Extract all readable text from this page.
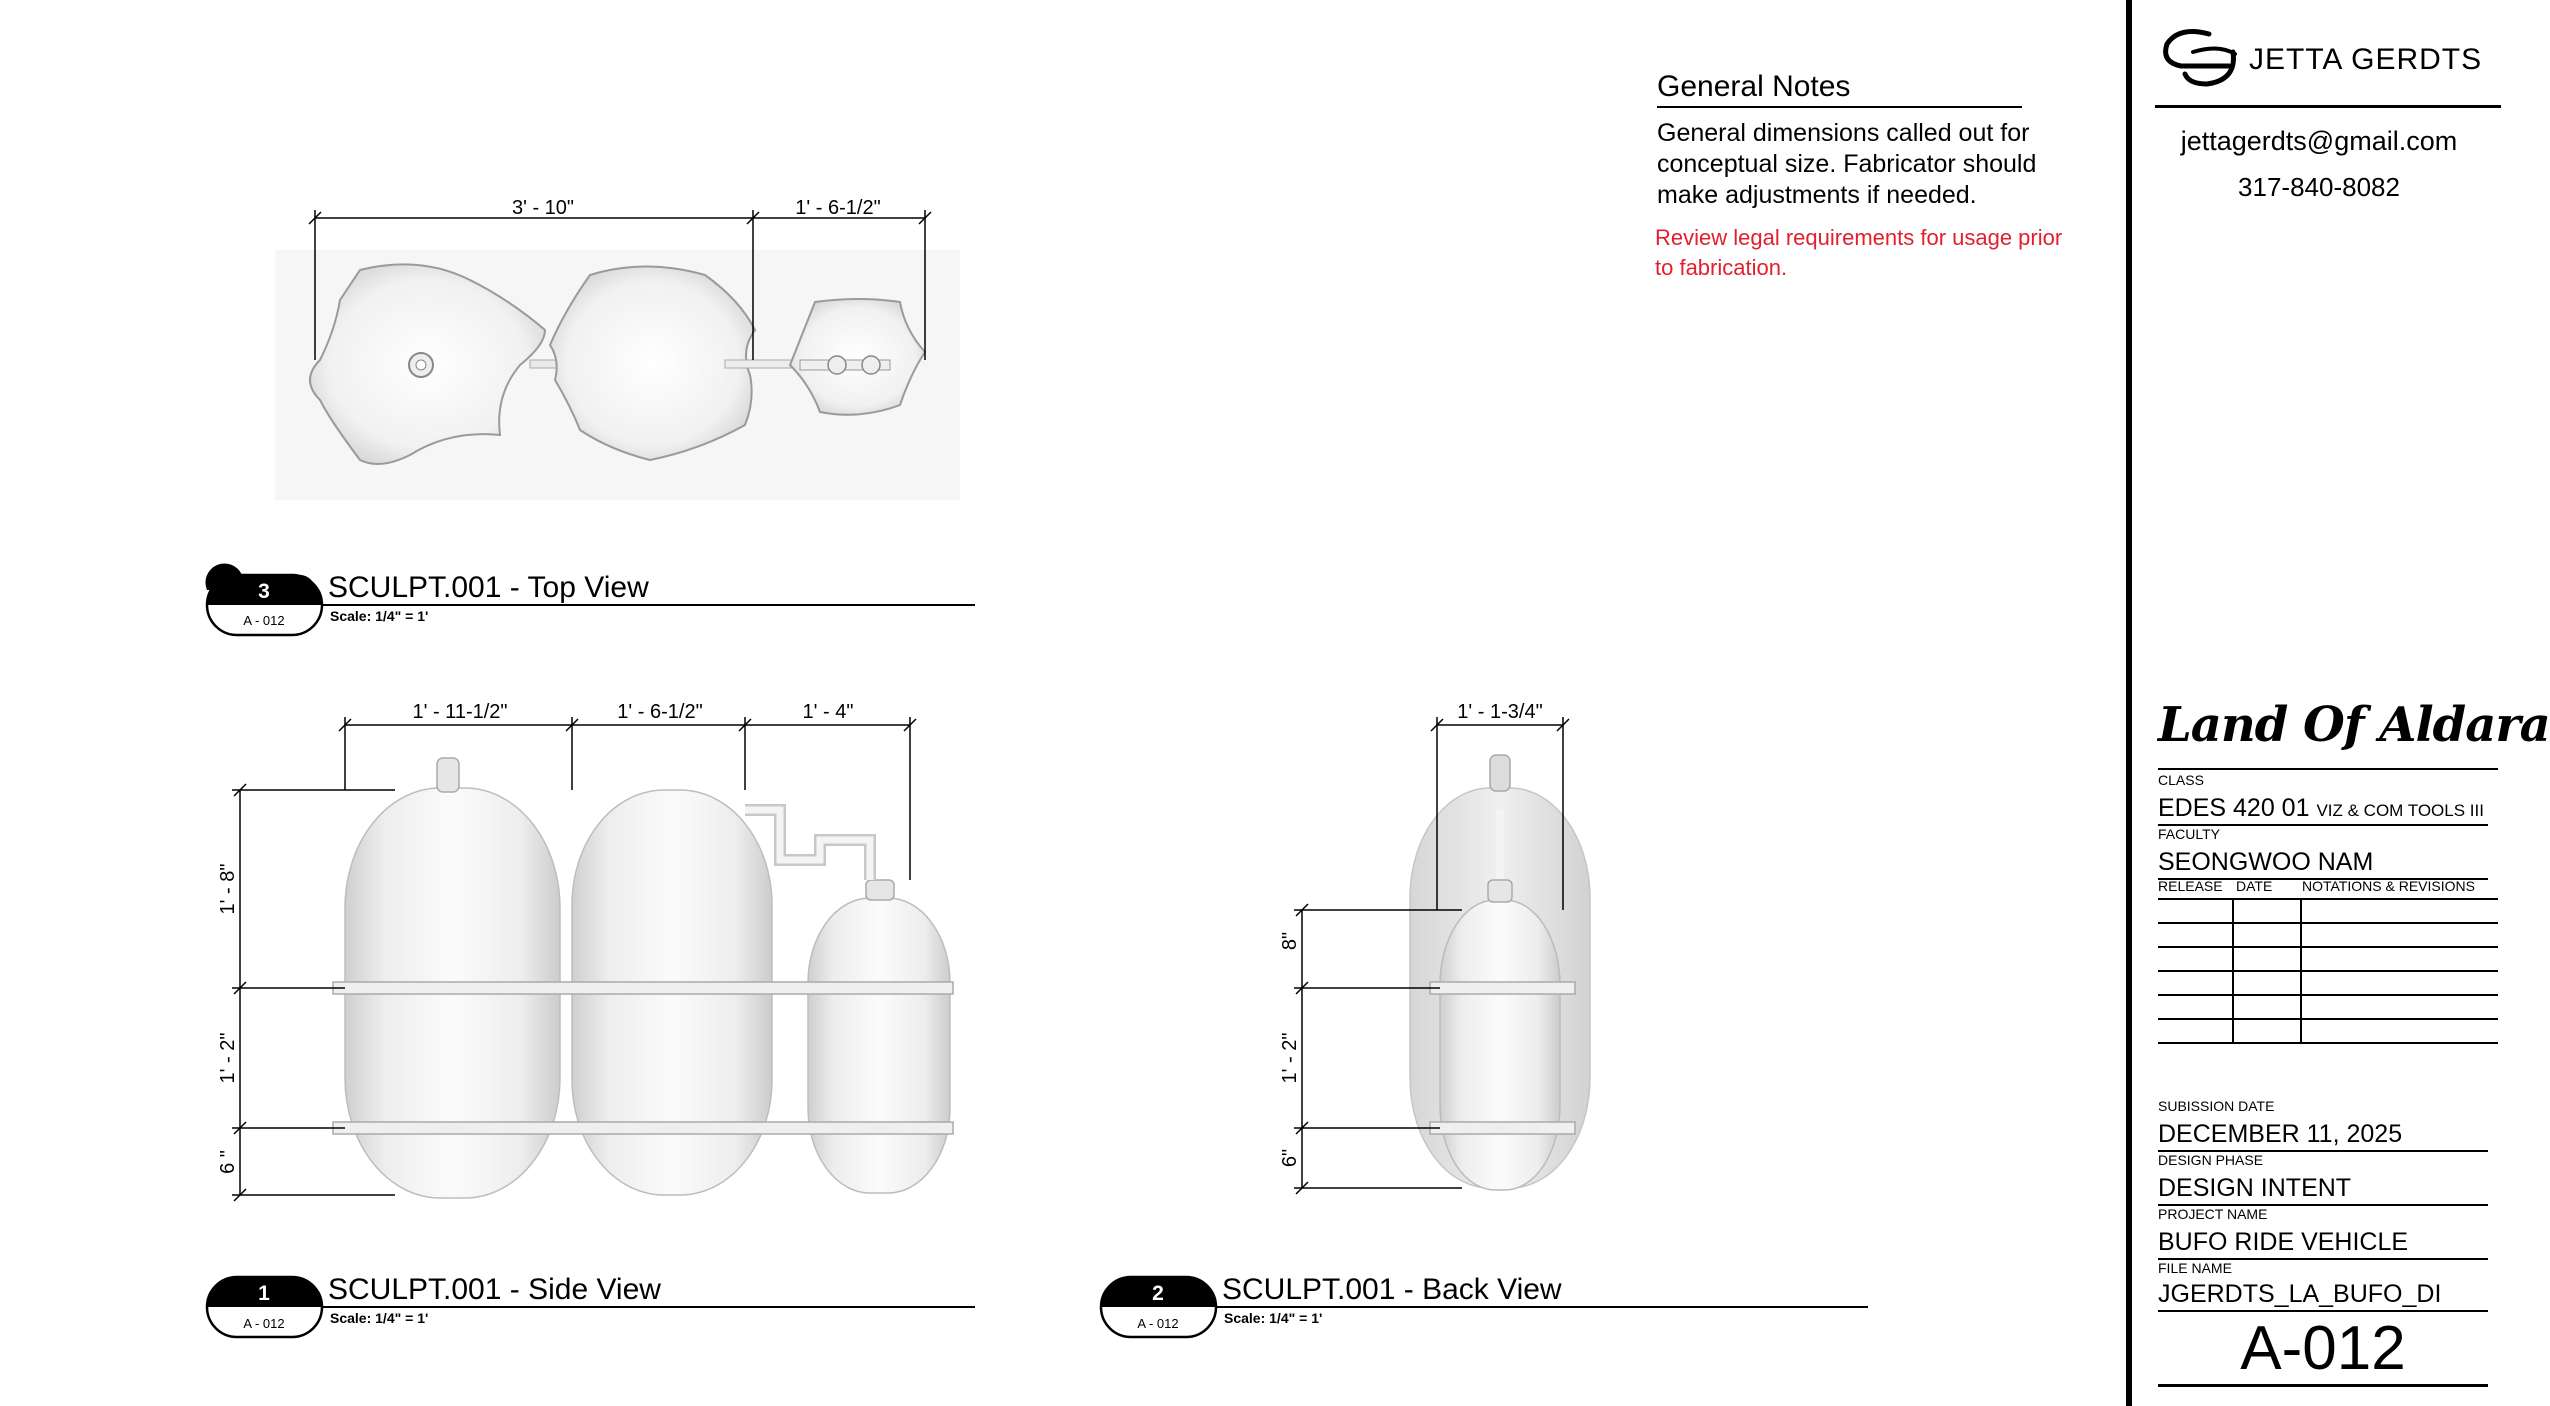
3' - 10"	1' - 6-1/2"
1' - 11-1/2"	1' - 6-1/2"	1' - 4"
1' - 8"
1' - 2"
6 "
1' - 1-3/4"
8"
1' - 2"
6"
3
A - 012
SCULPT.001 - Top View
Scale: 1/4" = 1'
1
A - 012
SCULPT.001 - Side View
Scale: 1/4" = 1'
2
A - 012
SCULPT.001 - Back View
Scale: 1/4" = 1'
General Notes
General dimensions called out for conceptual size. Fabricator should make adjustments if needed.
Review legal requirements for usage prior to fabrication.
JETTA GERDTS
jettagerdts@gmail.com
317-840-8082
Land Of Aldara
CLASS
EDES 420 01 VIZ & COM TOOLS III
FACULTY
SEONGWOO NAM
RELEASE DATE	NOTATIONS & REVISIONS
SUBISSION DATE
DECEMBER 11, 2025
DESIGN PHASE
DESIGN INTENT
PROJECT NAME
BUFO RIDE VEHICLE
FILE NAME
JGERDTS_LA_BUFO_DI
A-012
